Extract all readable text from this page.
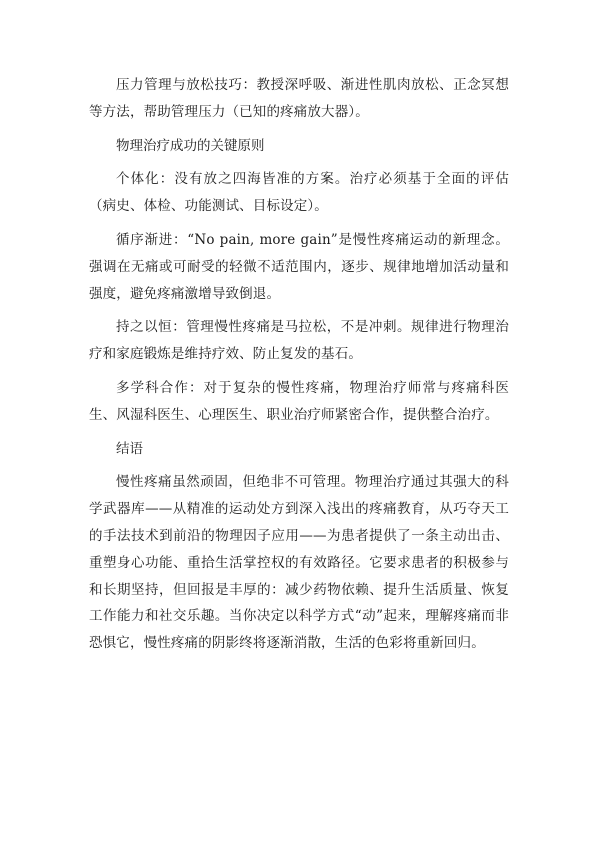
压力管理与放松技巧：教授深呼吸、渐进性肌肉放松、正念冥想等方法，帮助管理压力（已知的疼痛放大器）。

物理治疗成功的关键原则

个体化：没有放之四海皆准的方案。治疗必须基于全面的评估（病史、体检、功能测试、目标设定）。

循序渐进：“No pain, more gain”是慢性疼痛运动的新理念。强调在无痛或可耐受的轻微不适范围内，逐步、规律地增加活动量和强度，避免疼痛激增导致倒退。

持之以恒：管理慢性疼痛是马拉松，不是冲刺。规律进行物理治疗和家庭锻炼是维持疗效、防止复发的基石。

多学科合作：对于复杂的慢性疼痛，物理治疗师常与疼痛科医生、风湿科医生、心理医生、职业治疗师紧密合作，提供整合治疗。

结语

慢性疼痛虽然顽固，但绝非不可管理。物理治疗通过其强大的科学武器库——从精准的运动处方到深入浅出的疼痛教育，从巧夺天工的手法技术到前沿的物理因子应用——为患者提供了一条主动出击、重塑身心功能、重拾生活掌控权的有效路径。它要求患者的积极参与和长期坚持，但回报是丰厚的：减少药物依赖、提升生活质量、恢复工作能力和社交乐趣。当你决定以科学方式“动”起来，理解疼痛而非恐惧它，慢性疼痛的阴影终将逐渐消散，生活的色彩将重新回归。
